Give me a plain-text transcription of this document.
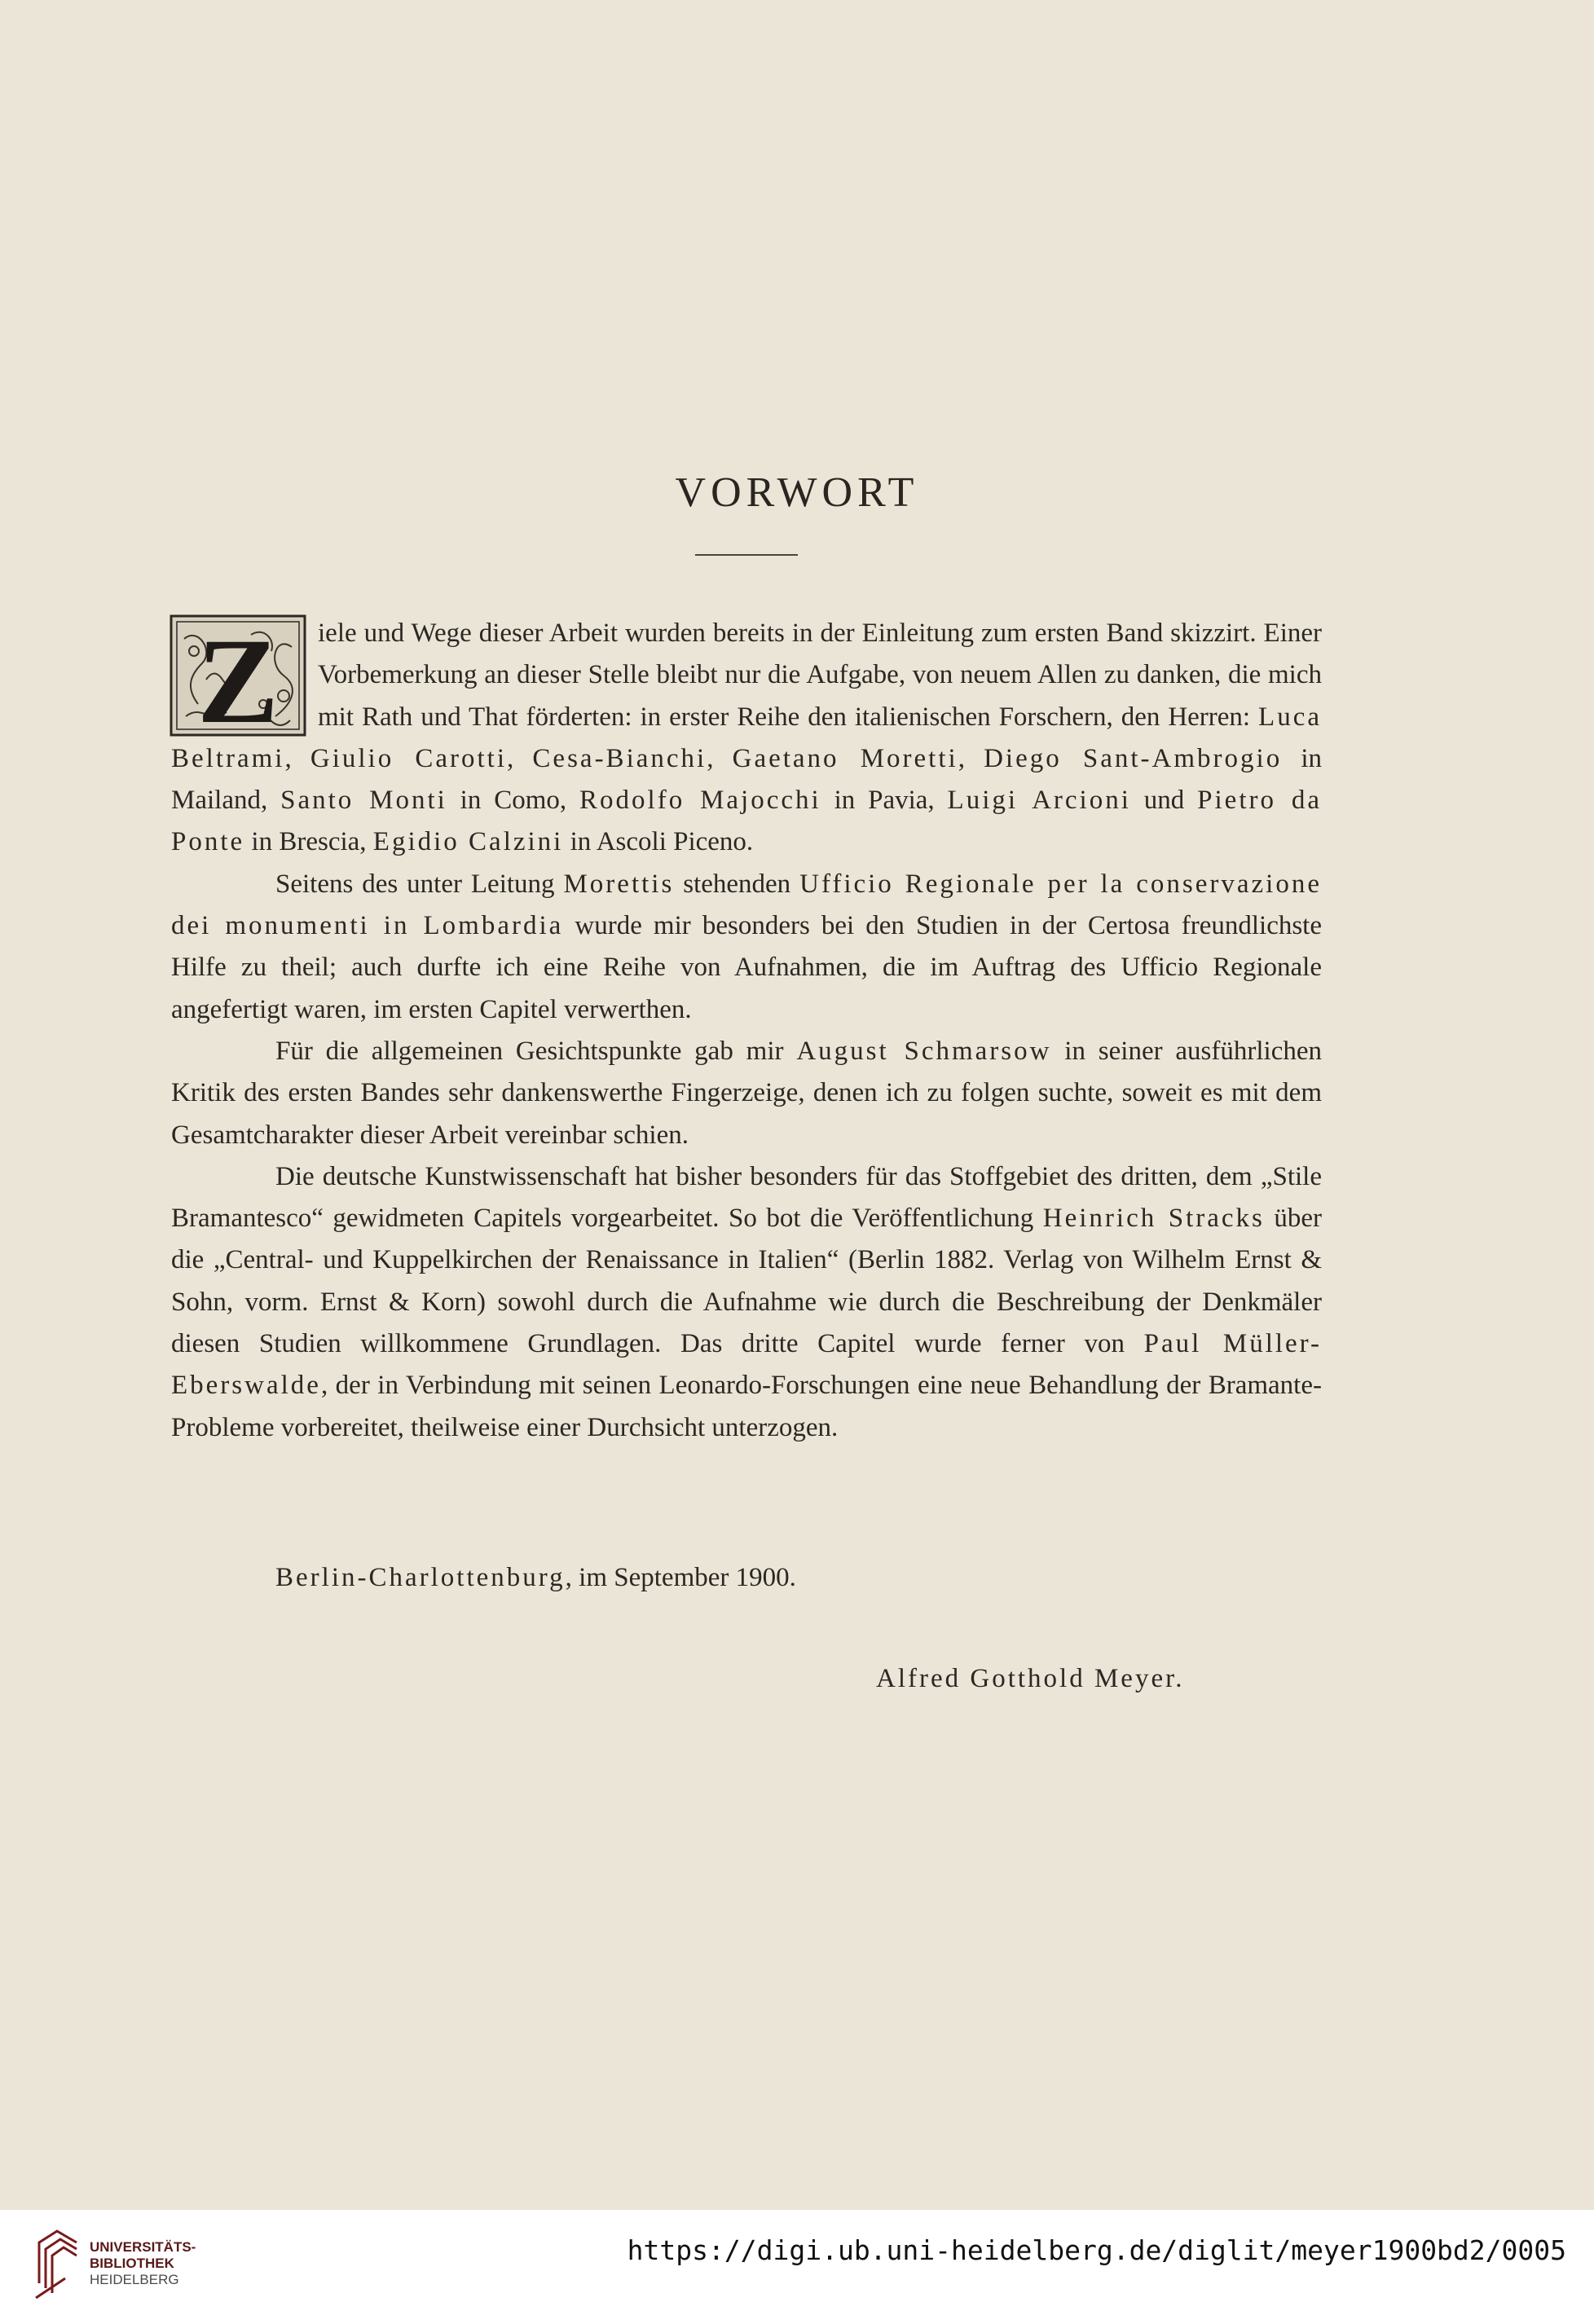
VORWORT
Z	iele und Wege dieser Arbeit wurden bereits in der Einleitung zum ersten Band skizzirt. Einer Vorbemerkung an dieser Stelle bleibt nur die Aufgabe, von neuem Allen zu danken, die mich mit Rath und That förderten: in erster Reihe den italienischen Forschern, den Herren: Luca Beltrami, Giulio Carotti, Cesa-Bianchi, Gaetano Moretti, Diego Sant-Ambrogio in Mailand, Santo Monti in Como, Rodolfo Majocchi in Pavia, Luigi Arcioni und Pietro da Ponte in Brescia, Egidio Calzini in Ascoli Piceno.

Seitens des unter Leitung Morettis stehenden Ufficio Regionale per la conservazione dei monumenti in Lombardia wurde mir besonders bei den Studien in der Certosa freundlichste Hilfe zu theil; auch durfte ich eine Reihe von Aufnahmen, die im Auftrag des Ufficio Regionale angefertigt waren, im ersten Capitel verwerthen.

Für die allgemeinen Gesichtspunkte gab mir August Schmarsow in seiner ausführlichen Kritik des ersten Bandes sehr dankenswerthe Fingerzeige, denen ich zu folgen suchte, soweit es mit dem Gesamtcharakter dieser Arbeit vereinbar schien.

Die deutsche Kunstwissenschaft hat bisher besonders für das Stoffgebiet des dritten, dem „Stile Bramantesco“ gewidmeten Capitels vorgearbeitet. So bot die Veröffentlichung Heinrich Stracks über die „Central- und Kuppelkirchen der Renaissance in Italien“ (Berlin 1882. Verlag von Wilhelm Ernst & Sohn, vorm. Ernst & Korn) sowohl durch die Aufnahme wie durch die Beschreibung der Denkmäler diesen Studien willkommene Grundlagen. Das dritte Capitel wurde ferner von Paul Müller-Eberswalde, der in Verbindung mit seinen Leonardo-Forschungen eine neue Behandlung der Bramante-Probleme vorbereitet, theilweise einer Durchsicht unterzogen.

Berlin-Charlottenburg, im September 1900.
Alfred Gotthold Meyer.
UNIVERSITÄTS-
BIBLIOTHEK
HEIDELBERG
https://digi.ub.uni-heidelberg.de/diglit/meyer1900bd2/0005
